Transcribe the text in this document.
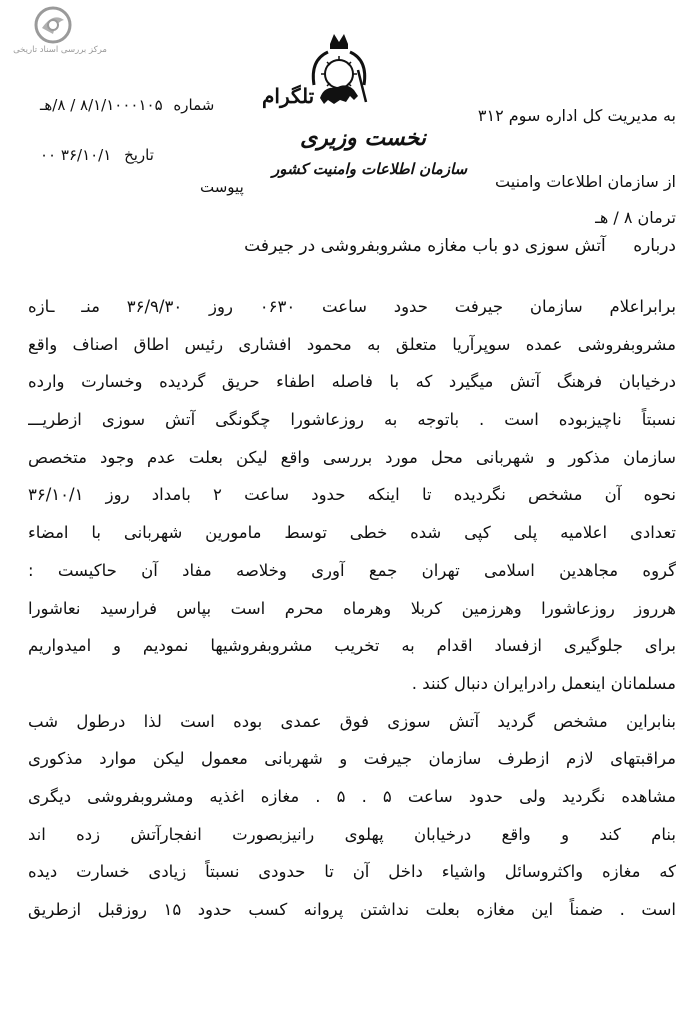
مرکز بررسی اسناد تاریخی
تلگرام
نخست وزیری
سازمان اطلاعات وامنیت کشور
شماره ۸/۱/۱۰۰۰۱۰۵ / ۸/هـ
تاریخ ۳۶/۱۰/۱ ۰۰
پیوست
به مدیریت کل اداره سوم ۳۱۲
از سازمان اطلاعات وامنیت
ترمان ۸ / هـ
درباره آتش سوزی دو باب مغازه مشروبفروشی در جیرفت
برابراعلام سازمان جیرفت حدود ساعت ۰۶۳۰ روز ۳۶/۹/۳۰ منـ ـازه
مشروبفروشی عمده سوپرآریا متعلق به محمود افشاری رئیس اطاق اصناف واقع
درخیابان فرهنگ آتش میگیرد که با فاصله اطفاء حریق گردیده وخسارت وارده
نسبتاً ناچیزبوده است . باتوجه به روزعاشورا چگونگی آتش سوزی ازطریـــ
سازمان مذکور و شهربانی محل مورد بررسی واقع لیکن بعلت عدم وجود متخصص
نحوه آن مشخص نگردیده تا اینکه حدود ساعت ۲ بامداد روز ۳۶/۱۰/۱
تعدادی اعلامیه پلی کپی شده خطی توسط مامورین شهربانی با امضاء
گروه مجاهدین اسلامی تهران جمع آوری وخلاصه مفاد آن حاکیست :
هرروز روزعاشورا وهرزمین کربلا وهرماه محرم است بپاس فرارسید نعاشورا
برای جلوگیری ازفساد اقدام به تخریب مشروبفروشیها نمودیم و امیدواریم
مسلمانان اینعمل رادرایران دنبال کنند .
بنابراین مشخص گردید آتش سوزی فوق عمدی بوده است لذا درطول شب
مراقبتهای لازم ازطرف سازمان جیرفت و شهربانی معمول لیکن موارد مذکوری
مشاهده نگردید ولی حدود ساعت ۵ . ۵ . مغازه اغذیه ومشروبفروشی دیگری
بنام کند و واقع درخیابان پهلوی رانیزبصورت انفجارآتش زده اند
که مغازه واکثروسائل واشیاء داخل آن تا حدودی نسبتاً زیادی خسارت دیده
است . ضمناً این مغازه بعلت نداشتن پروانه کسب حدود ۱۵ روزقبل ازطریق
